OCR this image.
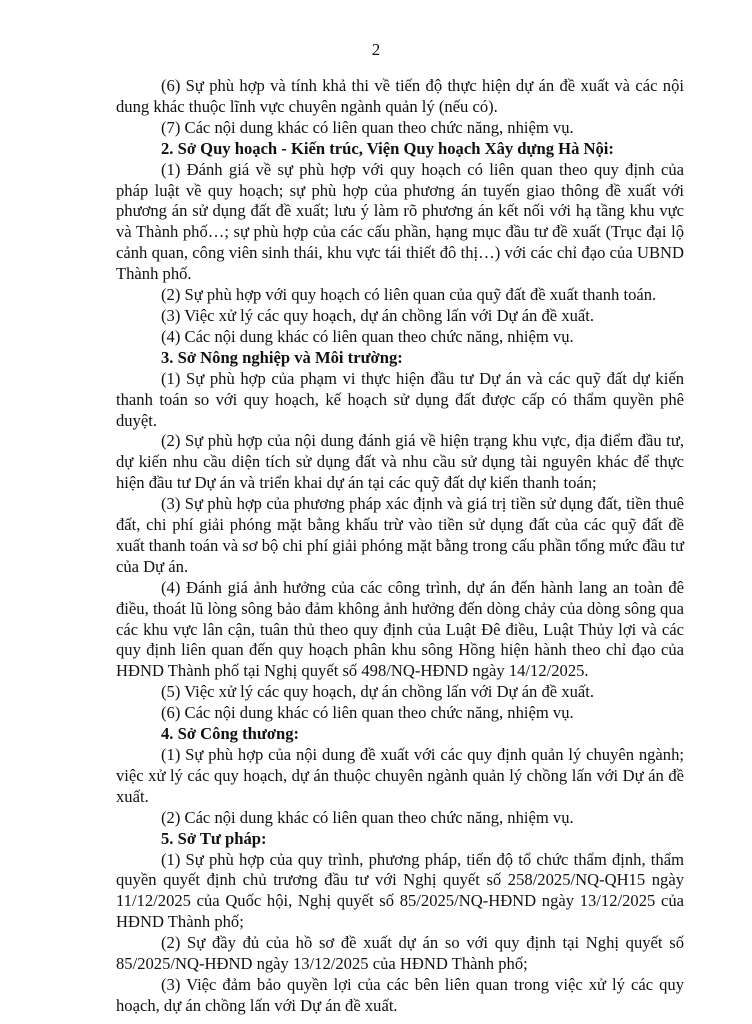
2

(6) Sự phù hợp và tính khả thi về tiến độ thực hiện dự án đề xuất và các nội dung khác thuộc lĩnh vực chuyên ngành quản lý (nếu có).

(7) Các nội dung khác có liên quan theo chức năng, nhiệm vụ.

2. Sở Quy hoạch - Kiến trúc, Viện Quy hoạch Xây dựng Hà Nội:

(1) Đánh giá về sự phù hợp với quy hoạch có liên quan theo quy định của pháp luật về quy hoạch; sự phù hợp của phương án tuyến giao thông đề xuất với phương án sử dụng đất đề xuất; lưu ý làm rõ phương án kết nối với hạ tầng khu vực và Thành phố…; sự phù hợp của các cấu phần, hạng mục đầu tư đề xuất (Trục đại lộ cảnh quan, công viên sinh thái, khu vực tái thiết đô thị…) với các chỉ đạo của UBND Thành phố.

(2) Sự phù hợp với quy hoạch có liên quan của quỹ đất đề xuất thanh toán.

(3) Việc xử lý các quy hoạch, dự án chồng lấn với Dự án đề xuất.

(4) Các nội dung khác có liên quan theo chức năng, nhiệm vụ.

3. Sở Nông nghiệp và Môi trường:

(1) Sự phù hợp của phạm vi thực hiện đầu tư Dự án và các quỹ đất dự kiến thanh toán so với quy hoạch, kế hoạch sử dụng đất được cấp có thẩm quyền phê duyệt.

(2) Sự phù hợp của nội dung đánh giá về hiện trạng khu vực, địa điểm đầu tư, dự kiến nhu cầu diện tích sử dụng đất và nhu cầu sử dụng tài nguyên khác để thực hiện đầu tư Dự án và triển khai dự án tại các quỹ đất dự kiến thanh toán;

(3) Sự phù hợp của phương pháp xác định và giá trị tiền sử dụng đất, tiền thuê đất, chi phí giải phóng mặt bằng khấu trừ vào tiền sử dụng đất của các quỹ đất đề xuất thanh toán và sơ bộ chi phí giải phóng mặt bằng trong cấu phần tổng mức đầu tư của Dự án.

(4) Đánh giá ảnh hưởng của các công trình, dự án đến hành lang an toàn đê điều, thoát lũ lòng sông bảo đảm không ảnh hưởng đến dòng chảy của dòng sông qua các khu vực lân cận, tuân thủ theo quy định của Luật Đê điều, Luật Thủy lợi và các quy định liên quan đến quy hoạch phân khu sông Hồng hiện hành theo chỉ đạo của HĐND Thành phố tại Nghị quyết số 498/NQ-HĐND ngày 14/12/2025.

(5) Việc xử lý các quy hoạch, dự án chồng lấn với Dự án đề xuất.

(6) Các nội dung khác có liên quan theo chức năng, nhiệm vụ.

4. Sở Công thương:

(1) Sự phù hợp của nội dung đề xuất với các quy định quản lý chuyên ngành; việc xử lý các quy hoạch, dự án thuộc chuyên ngành quản lý chồng lấn với Dự án đề xuất.

(2) Các nội dung khác có liên quan theo chức năng, nhiệm vụ.

5. Sở Tư pháp:

(1) Sự phù hợp của quy trình, phương pháp, tiến độ tổ chức thẩm định, thẩm quyền quyết định chủ trương đầu tư với Nghị quyết số 258/2025/NQ-QH15 ngày 11/12/2025 của Quốc hội, Nghị quyết số 85/2025/NQ-HĐND ngày 13/12/2025 của HĐND Thành phố;

(2) Sự đầy đủ của hồ sơ đề xuất dự án so với quy định tại Nghị quyết số 85/2025/NQ-HĐND ngày 13/12/2025 của HĐND Thành phố;

(3) Việc đảm bảo quyền lợi của các bên liên quan trong việc xử lý các quy hoạch, dự án chồng lấn với Dự án đề xuất.
